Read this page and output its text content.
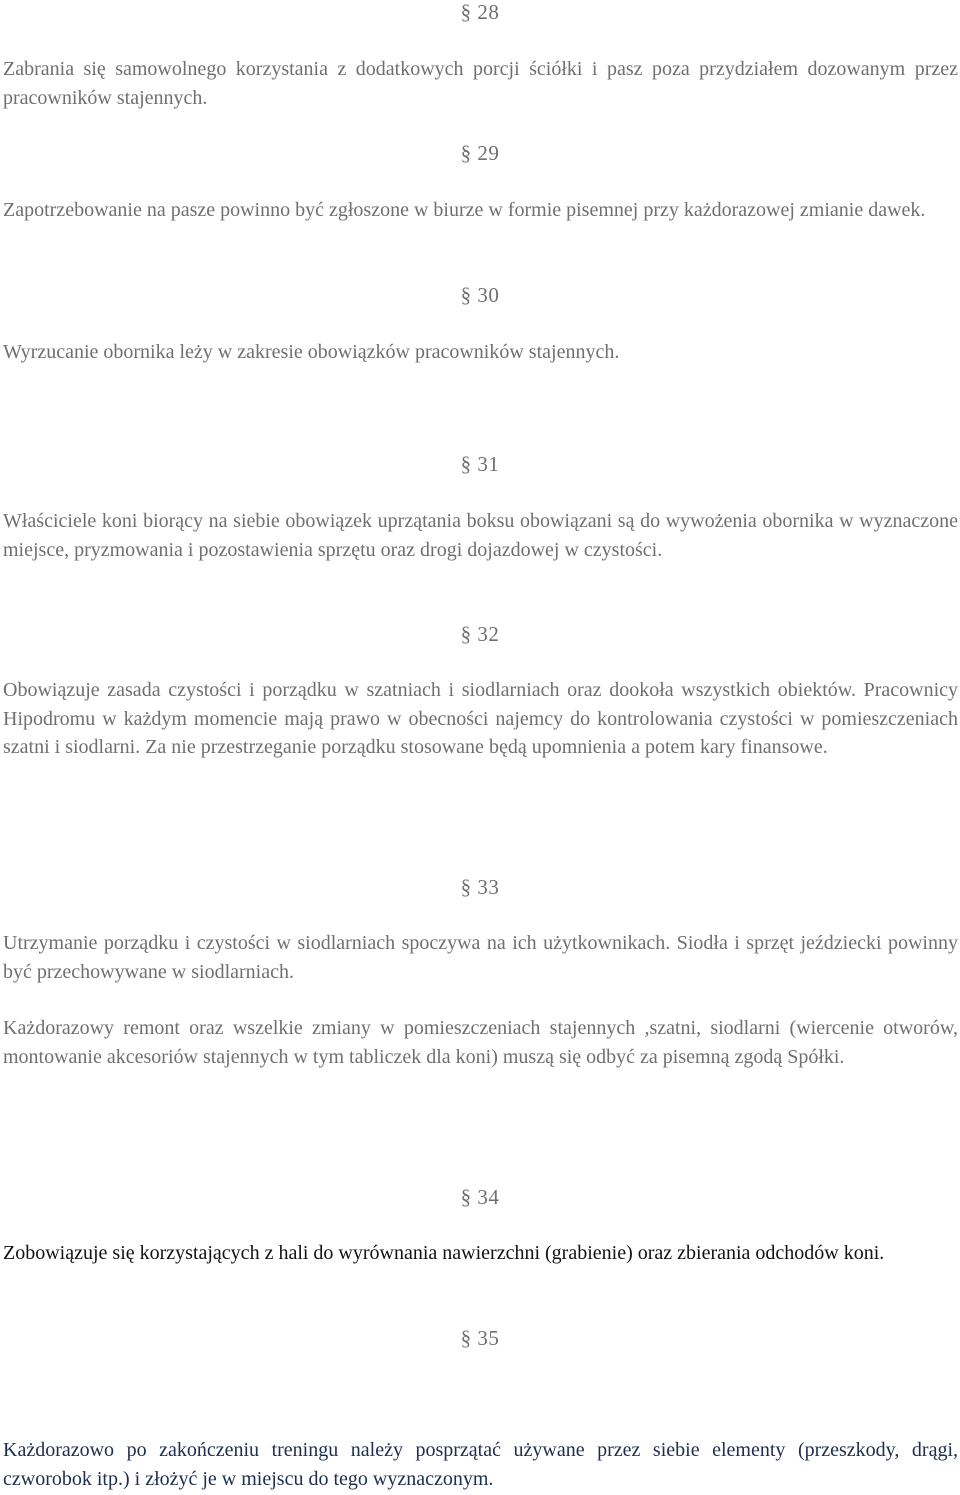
§ 28

Zabrania się samowolnego korzystania z dodatkowych porcji ściółki i pasz poza przydziałem dozowanym przez pracowników stajennych.

§ 29

Zapotrzebowanie na pasze powinno być zgłoszone w biurze w formie pisemnej przy każdorazowej zmianie dawek.

§ 30

Wyrzucanie obornika leży w zakresie obowiązków pracowników stajennych.

§ 31

Właściciele koni biorący na siebie obowiązek uprzątania boksu obowiązani są do wywożenia obornika w wyznaczone miejsce, pryzmowania i pozostawienia sprzętu oraz drogi dojazdowej w czystości.

§ 32

Obowiązuje zasada czystości i porządku w szatniach i siodlarniach oraz dookoła wszystkich obiektów. Pracownicy Hipodromu w każdym momencie mają prawo w obecności najemcy do kontrolowania czystości w pomieszczeniach szatni i siodlarni. Za nie przestrzeganie porządku stosowane będą upomnienia a potem kary finansowe.

§ 33

Utrzymanie porządku i czystości w siodlarniach spoczywa na ich użytkownikach. Siodła i sprzęt jeździecki powinny być przechowywane w siodlarniach.

Każdorazowy remont oraz wszelkie zmiany w pomieszczeniach stajennych ,szatni, siodlarni (wiercenie otworów, montowanie akcesoriów stajennych w tym tabliczek dla koni) muszą się odbyć za pisemną zgodą Spółki.

§ 34

Zobowiązuje się korzystających z hali do wyrównania nawierzchni (grabienie) oraz zbierania odchodów koni.

§ 35

Każdorazowo po zakończeniu treningu należy posprzątać używane przez siebie elementy (przeszkody, drągi, czworobok itp.) i złożyć je w miejscu do tego wyznaczonym.
